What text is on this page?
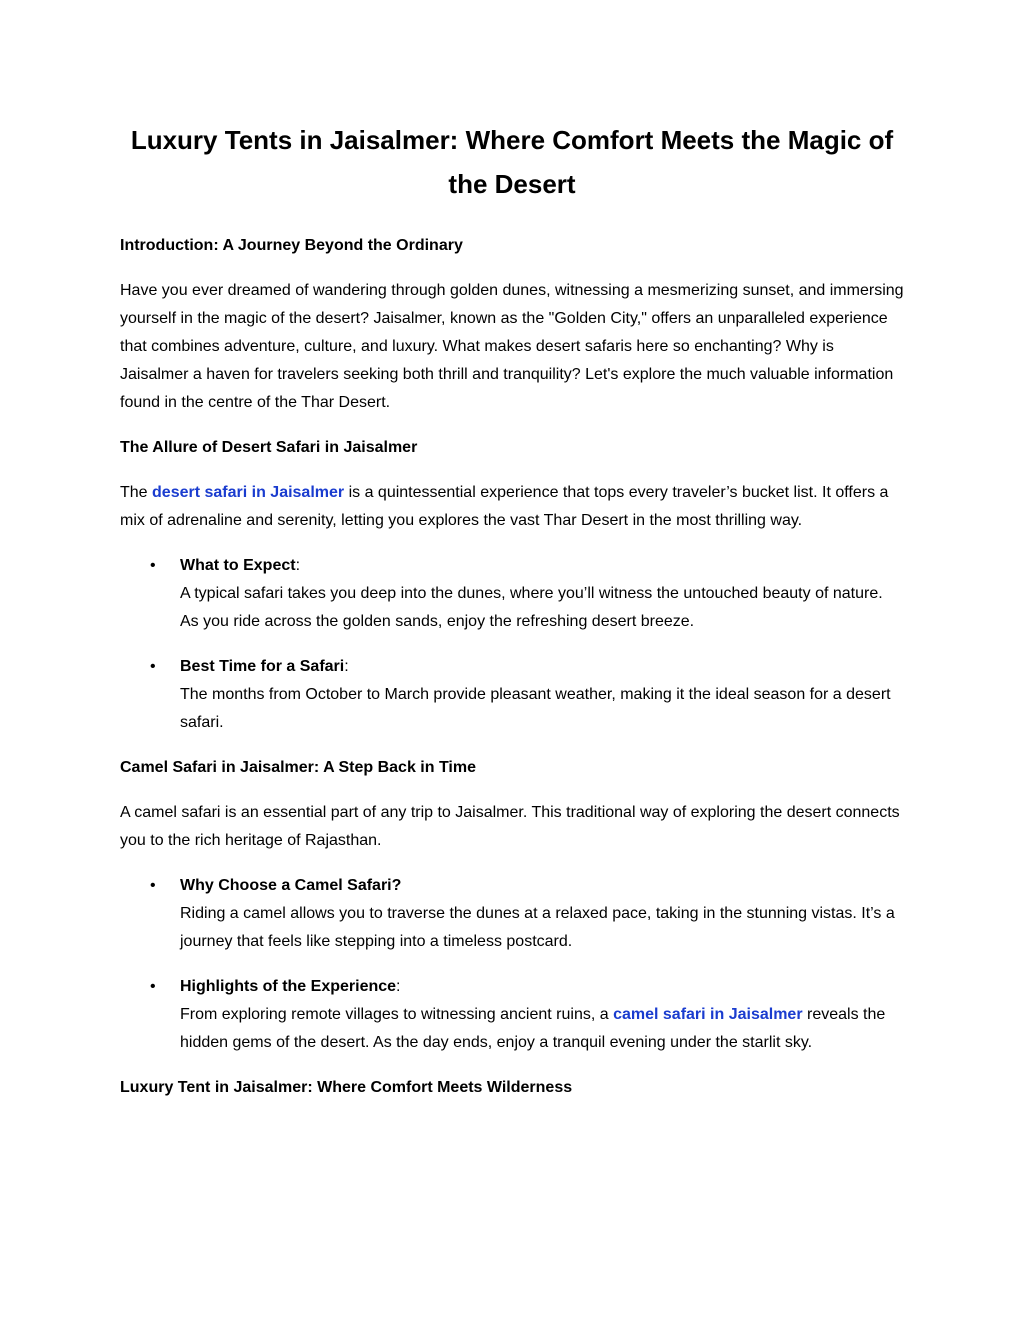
Luxury Tents in Jaisalmer: Where Comfort Meets the Magic of the Desert
Introduction: A Journey Beyond the Ordinary

Have you ever dreamed of wandering through golden dunes, witnessing a mesmerizing sunset, and immersing yourself in the magic of the desert? Jaisalmer, known as the "Golden City," offers an unparalleled experience that combines adventure, culture, and luxury. What makes desert safaris here so enchanting? Why is Jaisalmer a haven for travelers seeking both thrill and tranquility? Let's explore the much valuable information found in the centre of the Thar Desert.

The Allure of Desert Safari in Jaisalmer

The desert safari in Jaisalmer is a quintessential experience that tops every traveler’s bucket list. It offers a mix of adrenaline and serenity, letting you explores the vast Thar Desert in the most thrilling way.

• What to Expect:
A typical safari takes you deep into the dunes, where you’ll witness the untouched beauty of nature. As you ride across the golden sands, enjoy the refreshing desert breeze.
• Best Time for a Safari:
The months from October to March provide pleasant weather, making it the ideal season for a desert safari.
Camel Safari in Jaisalmer: A Step Back in Time

A camel safari is an essential part of any trip to Jaisalmer. This traditional way of exploring the desert connects you to the rich heritage of Rajasthan.

• Why Choose a Camel Safari?
Riding a camel allows you to traverse the dunes at a relaxed pace, taking in the stunning vistas. It’s a journey that feels like stepping into a timeless postcard.
• Highlights of the Experience:
From exploring remote villages to witnessing ancient ruins, a camel safari in Jaisalmer reveals the hidden gems of the desert. As the day ends, enjoy a tranquil evening under the starlit sky.
Luxury Tent in Jaisalmer: Where Comfort Meets Wilderness
